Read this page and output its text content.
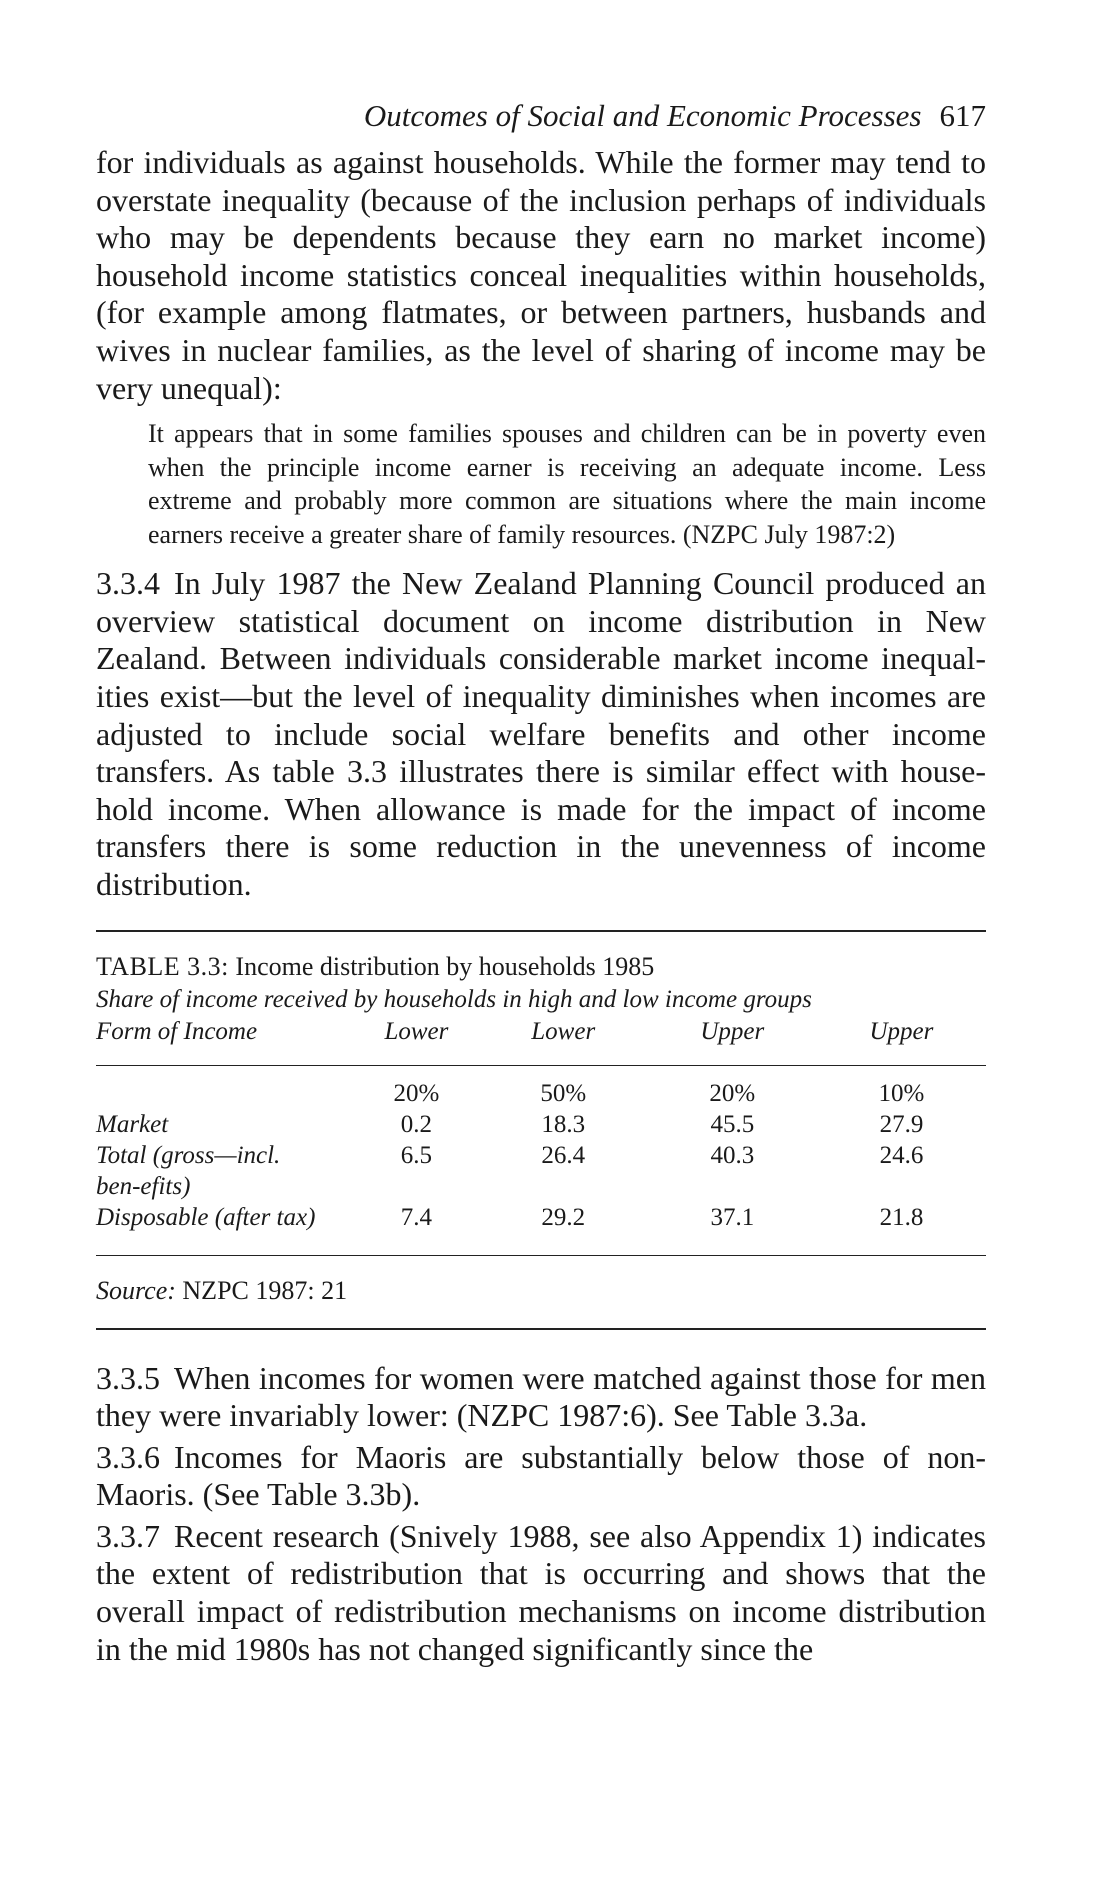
Outcomes of Social and Economic Processes 617

for individuals as against households. While the former may tend to overstate inequality (because of the inclusion perhaps of individuals who may be dependents because they earn no market income) household income statistics conceal inequalities within households, (for example among flatmates, or between partners, husbands and wives in nuclear families, as the level of sharing of income may be very unequal):

It appears that in some families spouses and children can be in poverty even when the principle income earner is receiving an adequate income. Less extreme and probably more common are situations where the main income earners receive a greater share of family resources. (NZPC July 1987:2)

3.3.4 In July 1987 the New Zealand Planning Council produced an overview statistical document on income distribution in New Zealand. Between individuals considerable market income inequalities exist—but the level of inequality diminishes when incomes are adjusted to include social welfare benefits and other income transfers. As table 3.3 illustrates there is similar effect with household income. When allowance is made for the impact of income transfers there is some reduction in the unevenness of income distribution.

TABLE 3.3: Income distribution by households 1985
Share of income received by households in high and low income groups
Form of Income	Lower	Lower	Upper	Upper

	20%	50%	20%	10%
Market	0.2	18.3	45.5	27.9
Total (gross—incl. ben-efits)	6.5	26.4	40.3	24.6
Disposable (after tax)	7.4	29.2	37.1	21.8

Source: NZPC 1987: 21

3.3.5 When incomes for women were matched against those for men they were invariably lower: (NZPC 1987:6). See Table 3.3a.

3.3.6 Incomes for Maoris are substantially below those of non-Maoris. (See Table 3.3b).

3.3.7 Recent research (Snively 1988, see also Appendix 1) indicates the extent of redistribution that is occurring and shows that the overall impact of redistribution mechanisms on income distribution in the mid 1980s has not changed significantly since the
